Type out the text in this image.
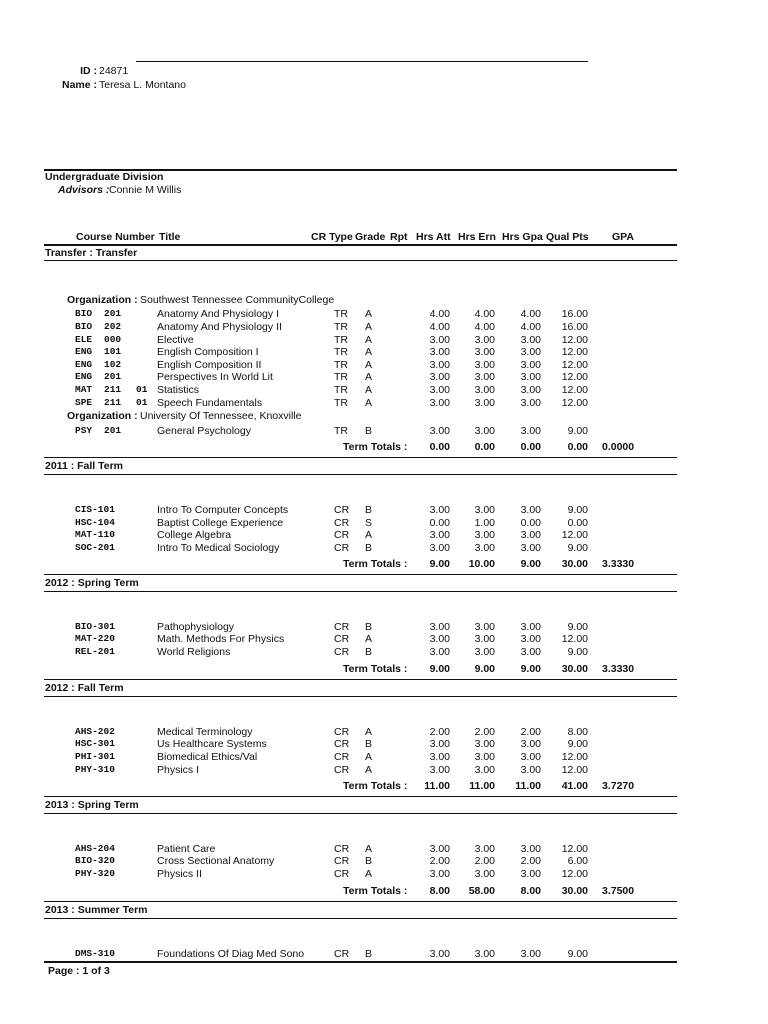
ID : 24871
Name : Teresa L. Montano
Undergraduate Division
Advisors : Connie M Willis
Course Number Title	CR Type Grade Rpt Hrs Att Hrs Ern Hrs Gpa Qual Pts GPA
Transfer : Transfer
Organization : Southwest Tennessee CommunityCollege
BIO 201	Anatomy And Physiology I	TR A	4.00	4.00	4.00	16.00
BIO 202	Anatomy And Physiology II	TR A	4.00	4.00	4.00	16.00
ELE 000	Elective	TR A	3.00	3.00	3.00	12.00
ENG 101	English Composition I	TR A	3.00	3.00	3.00	12.00
ENG 102	English Composition II	TR A	3.00	3.00	3.00	12.00
ENG 201	Perspectives In World Lit	TR A	3.00	3.00	3.00	12.00
MAT 211 01 Statistics	TR A	3.00	3.00	3.00	12.00
SPE 211 01 Speech Fundamentals	TR A	3.00	3.00	3.00	12.00
Organization : University Of Tennessee, Knoxville
PSY 201	General Psychology	TR B	3.00	3.00	3.00	9.00
Term Totals :	0.00	0.00	0.00	0.00 0.0000
2011 : Fall Term
CIS-101	Intro To Computer Concepts	CR B	3.00	3.00	3.00	9.00
HSC-104	Baptist College Experience	CR S	0.00	1.00	0.00	0.00
MAT-110	College Algebra	CR A	3.00	3.00	3.00	12.00
SOC-201	Intro To Medical Sociology	CR B	3.00	3.00	3.00	9.00
Term Totals :	9.00	10.00	9.00	30.00 3.3330
2012 : Spring Term
BIO-301	Pathophysiology	CR B	3.00	3.00	3.00	9.00
MAT-220	Math. Methods For Physics	CR A	3.00	3.00	3.00	12.00
REL-201	World Religions	CR B	3.00	3.00	3.00	9.00
Term Totals :	9.00	9.00	9.00	30.00 3.3330
2012 : Fall Term
AHS-202	Medical Terminology	CR A	2.00	2.00	2.00	8.00
HSC-301	Us Healthcare Systems	CR B	3.00	3.00	3.00	9.00
PHI-301	Biomedical Ethics/Val	CR A	3.00	3.00	3.00	12.00
PHY-310	Physics I	CR A	3.00	3.00	3.00	12.00
Term Totals :	11.00	11.00	11.00	41.00 3.7270
2013 : Spring Term
AHS-204	Patient Care	CR A	3.00	3.00	3.00	12.00
BIO-320	Cross Sectional Anatomy	CR B	2.00	2.00	2.00	6.00
PHY-320	Physics II	CR A	3.00	3.00	3.00	12.00
Term Totals :	8.00	58.00	8.00	30.00 3.7500
2013 : Summer Term
DMS-310	Foundations Of Diag Med Sono	CR B	3.00	3.00	3.00	9.00
Page : 1 of 3
